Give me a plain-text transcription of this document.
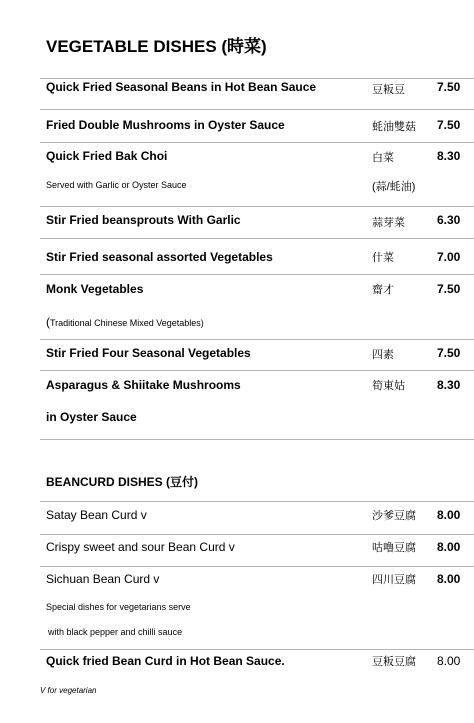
VEGETABLE DISHES (時菜)
Quick Fried Seasonal Beans in Hot Bean Sauce	豆粄豆	7.50
Fried Double Mushrooms in Oyster Sauce	蚝油雙菇 7.50
Quick Fried Bak Choi	白菜	8.30
Served with Garlic or Oyster Sauce	(蒜/蚝油)
Stir Fried beansprouts With Garlic	蒜芽菜	6.30
Stir Fried seasonal assorted Vegetables	什菜	7.00
Monk Vegetables	齋才	7.50
(Traditional Chinese Mixed Vegetables)
Stir Fried Four Seasonal Vegetables	四素	7.50
Asparagus & Shiitake Mushrooms	筍東姑	8.30
in Oyster Sauce
BEANCURD DISHES (豆付)
Satay Bean Curd v	沙爹豆腐 8.00
Crispy sweet and sour Bean Curd v	咕嚕豆腐 8.00
Sichuan Bean Curd v	四川豆腐 8.00
Special dishes for vegetarians serve
with black pepper and chilli sauce
Quick fried Bean Curd in Hot Bean Sauce.	豆粄豆腐 8.00
V for vegetarian
